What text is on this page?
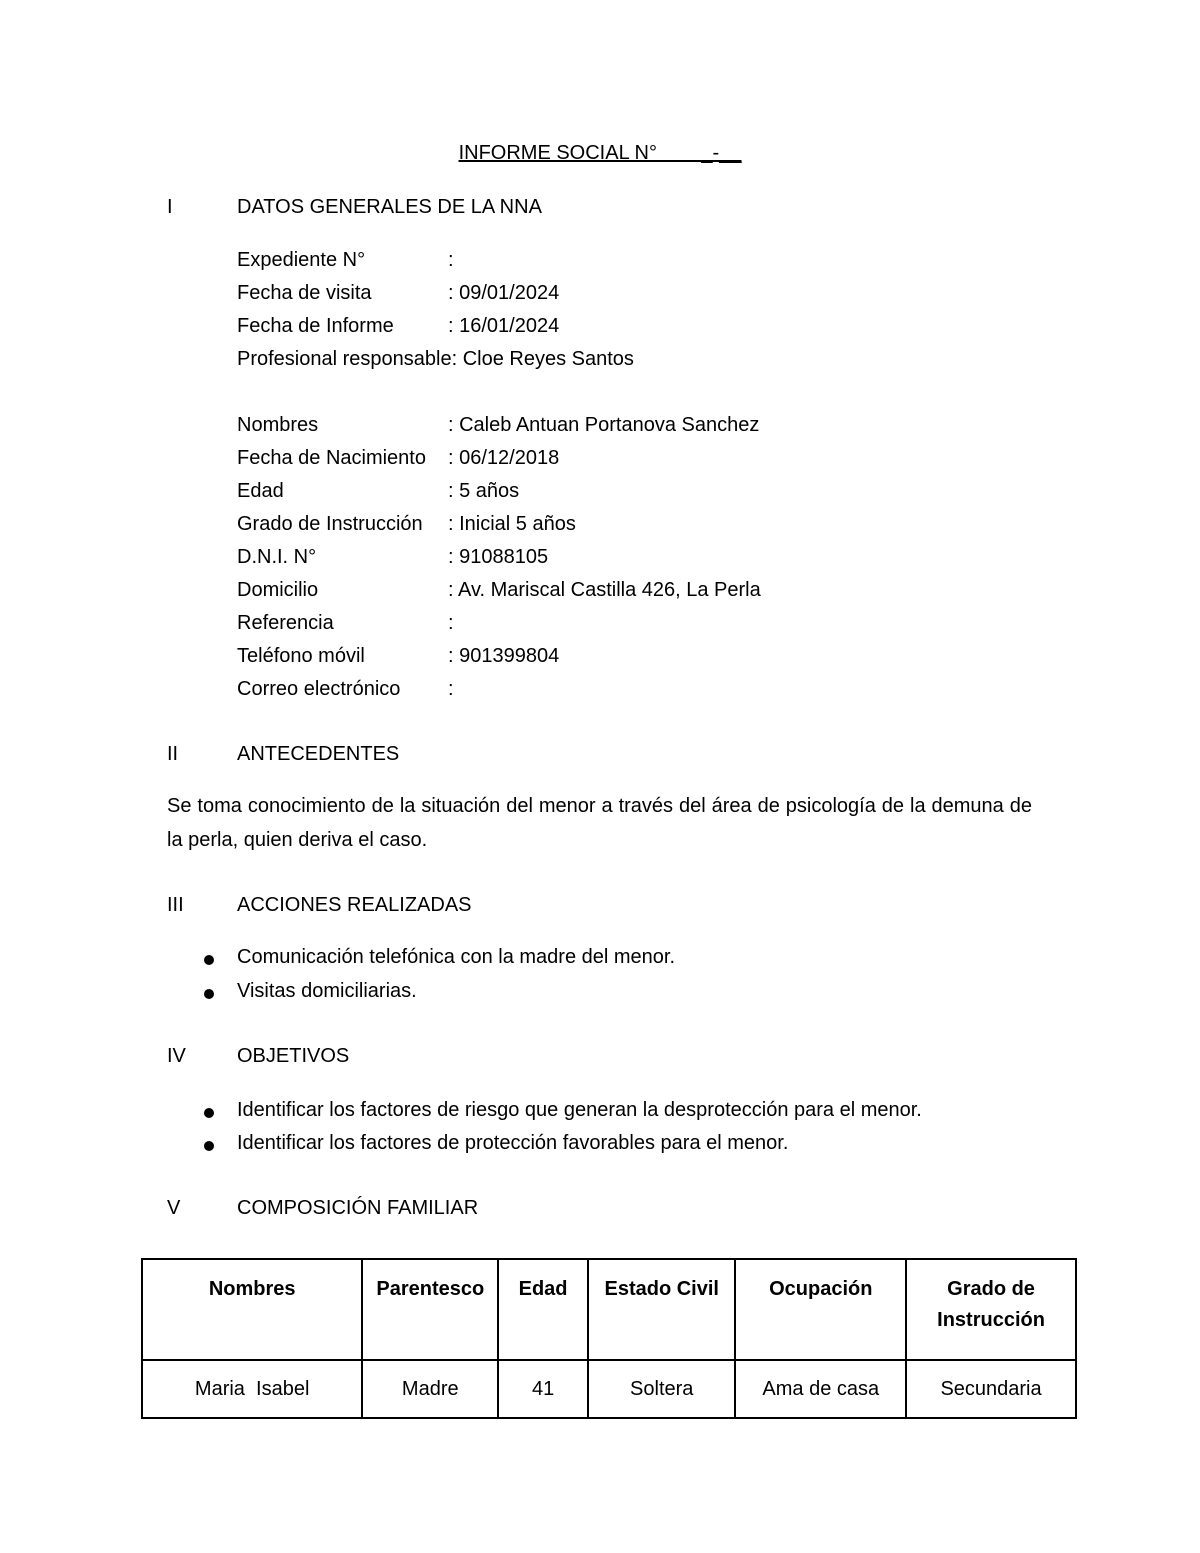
INFORME SOCIAL N° _-__
I	DATOS GENERALES DE LA NNA
Expediente N°	:
Fecha de visita	: 09/01/2024
Fecha de Informe	: 16/01/2024
Profesional responsable: Cloe Reyes Santos
Nombres	: Caleb Antuan Portanova Sanchez
Fecha de Nacimiento : 06/12/2018
Edad	: 5 años
Grado de Instrucción : Inicial 5 años
D.N.I. N°	: 91088105
Domicilio	: Av. Mariscal Castilla 426, La Perla
Referencia	:
Teléfono móvil	: 901399804
Correo electrónico :
II	ANTECEDENTES
Se toma conocimiento de la situación del menor a través del área de psicología de la demuna de la perla, quien deriva el caso.
III	ACCIONES REALIZADAS
Comunicación telefónica con la madre del menor.
Visitas domiciliarias.
IV	OBJETIVOS
Identificar los factores de riesgo que generan la desprotección para el menor.
Identificar los factores de protección favorables para el menor.
V	COMPOSICIÓN FAMILIAR
Nombres	Parentesco	Edad	Estado Civil	Ocupación	Grado de Instrucción
Maria  Isabel	Madre	41	Soltera	Ama de casa	Secundaria
